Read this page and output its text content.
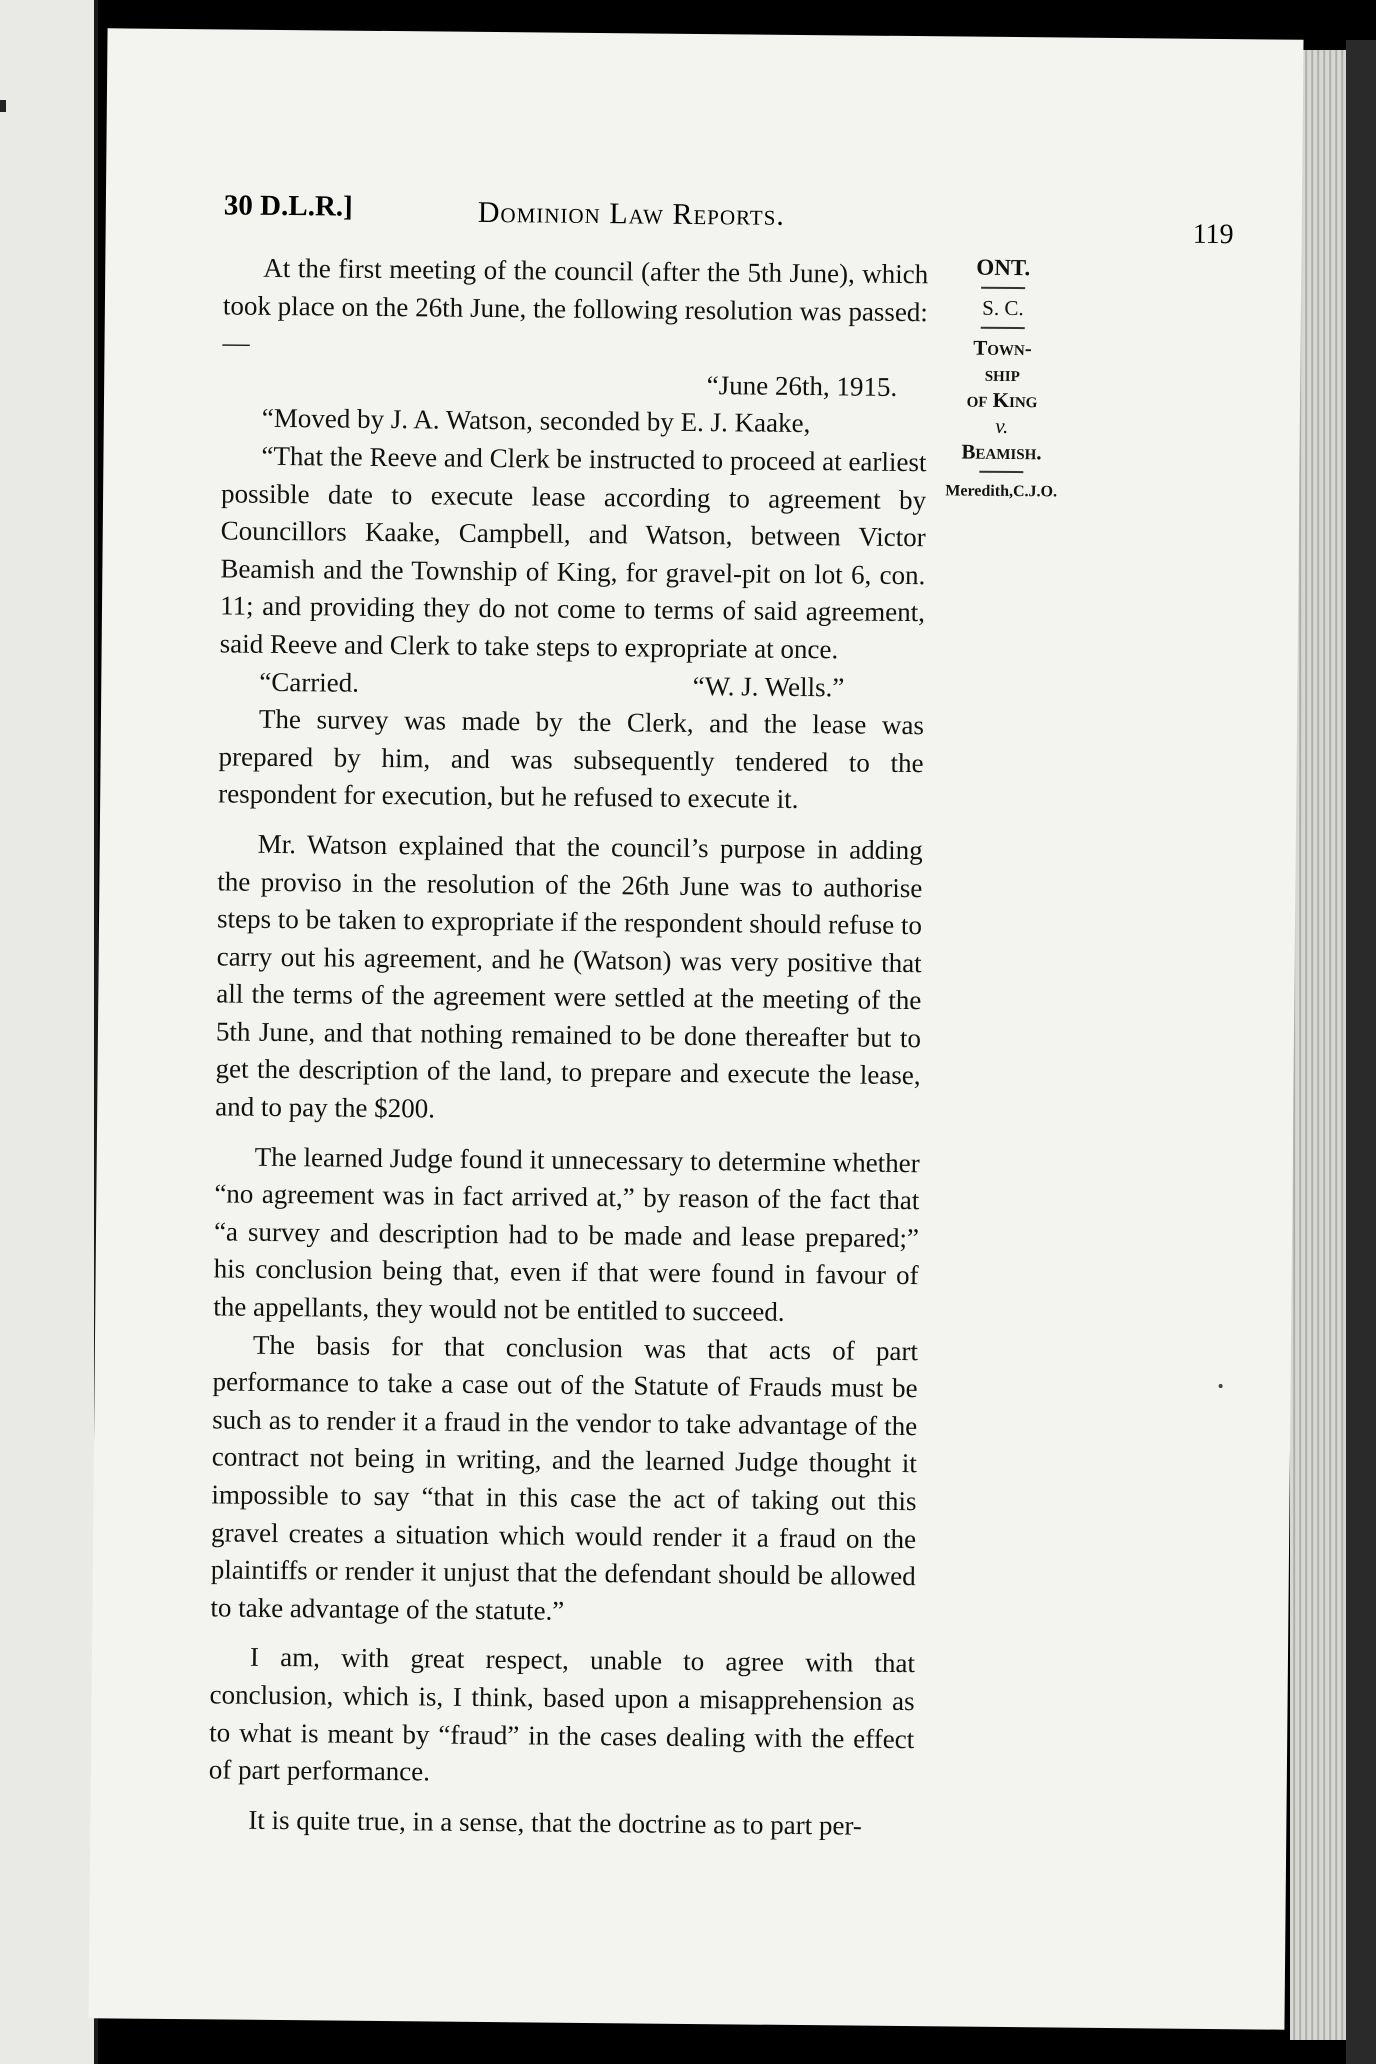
30 D.L.R.]	Dominion Law Reports.
119
ONT.
S. C.
Town-
ship
of King
v.
Beamish.
Meredith,C.J.O.

At the first meeting of the council (after the 5th June), which took place on the 26th June, the following resolution was passed:—

“June 26th, 1915.

“Moved by J. A. Watson, seconded by E. J. Kaake,

“That the Reeve and Clerk be instructed to proceed at earliest possible date to execute lease according to agreement by Councillors Kaake, Campbell, and Watson, between Victor Beamish and the Township of King, for gravel-pit on lot 6, con. 11; and providing they do not come to terms of said agreement, said Reeve and Clerk to take steps to expropriate at once.

“Carried.	“W. J. Wells.”

The survey was made by the Clerk, and the lease was prepared by him, and was subsequently tendered to the respondent for execution, but he refused to execute it.

Mr. Watson explained that the council’s purpose in adding the proviso in the resolution of the 26th June was to authorise steps to be taken to expropriate if the respondent should refuse to carry out his agreement, and he (Watson) was very positive that all the terms of the agreement were settled at the meeting of the 5th June, and that nothing remained to be done thereafter but to get the description of the land, to prepare and execute the lease, and to pay the $200.

The learned Judge found it unnecessary to determine whether “no agreement was in fact arrived at,” by reason of the fact that “a survey and description had to be made and lease prepared;” his conclusion being that, even if that were found in favour of the appellants, they would not be entitled to succeed.

The basis for that conclusion was that acts of part performance to take a case out of the Statute of Frauds must be such as to render it a fraud in the vendor to take advantage of the contract not being in writing, and the learned Judge thought it impossible to say “that in this case the act of taking out this gravel creates a situation which would render it a fraud on the plaintiffs or render it unjust that the defendant should be allowed to take advantage of the statute.”

I am, with great respect, unable to agree with that conclusion, which is, I think, based upon a misapprehension as to what is meant by “fraud” in the cases dealing with the effect of part performance.

It is quite true, in a sense, that the doctrine as to part per-
